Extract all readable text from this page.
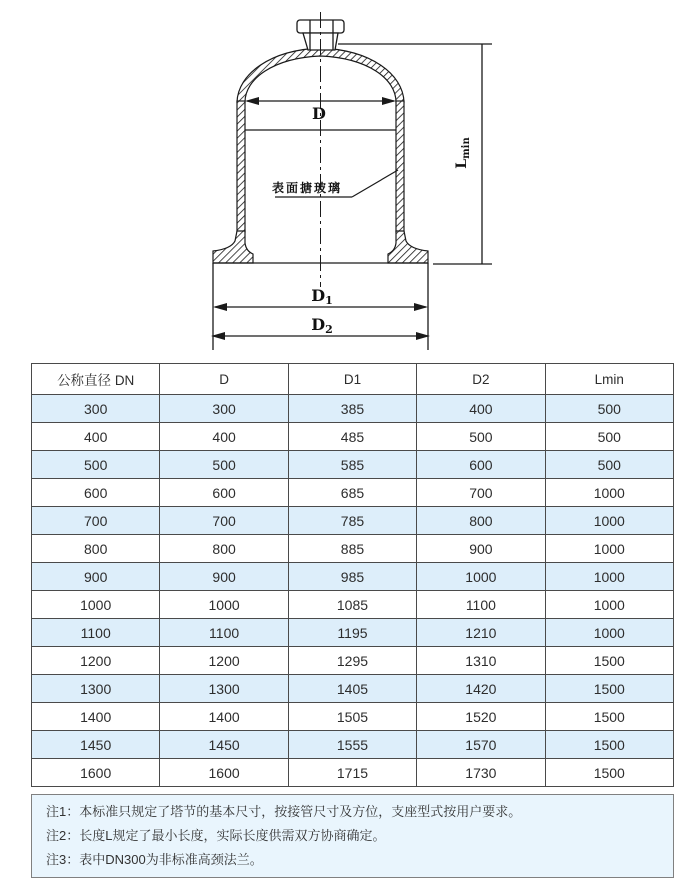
D
$D_1$
$D_2$
$L_{min}$
表面搪玻璃
公称直径 DN	D	D1	D2	Lmin
300	300	385	400	500
400	400	485	500	500
500	500	585	600	500
600	600	685	700	1000
700	700	785	800	1000
800	800	885	900	1000
900	900	985	1000	1000
1000	1000	1085	1100	1000
1100	1100	1195	1210	1000
1200	1200	1295	1310	1500
1300	1300	1405	1420	1500
1400	1400	1505	1520	1500
1450	1450	1555	1570	1500
1600	1600	1715	1730	1500

注1：本标准只规定了塔节的基本尺寸，按接管尺寸及方位，支座型式按用户要求。

注2：长度L规定了最小长度，实际长度供需双方协商确定。

注3：表中DN300为非标准高颈法兰。
